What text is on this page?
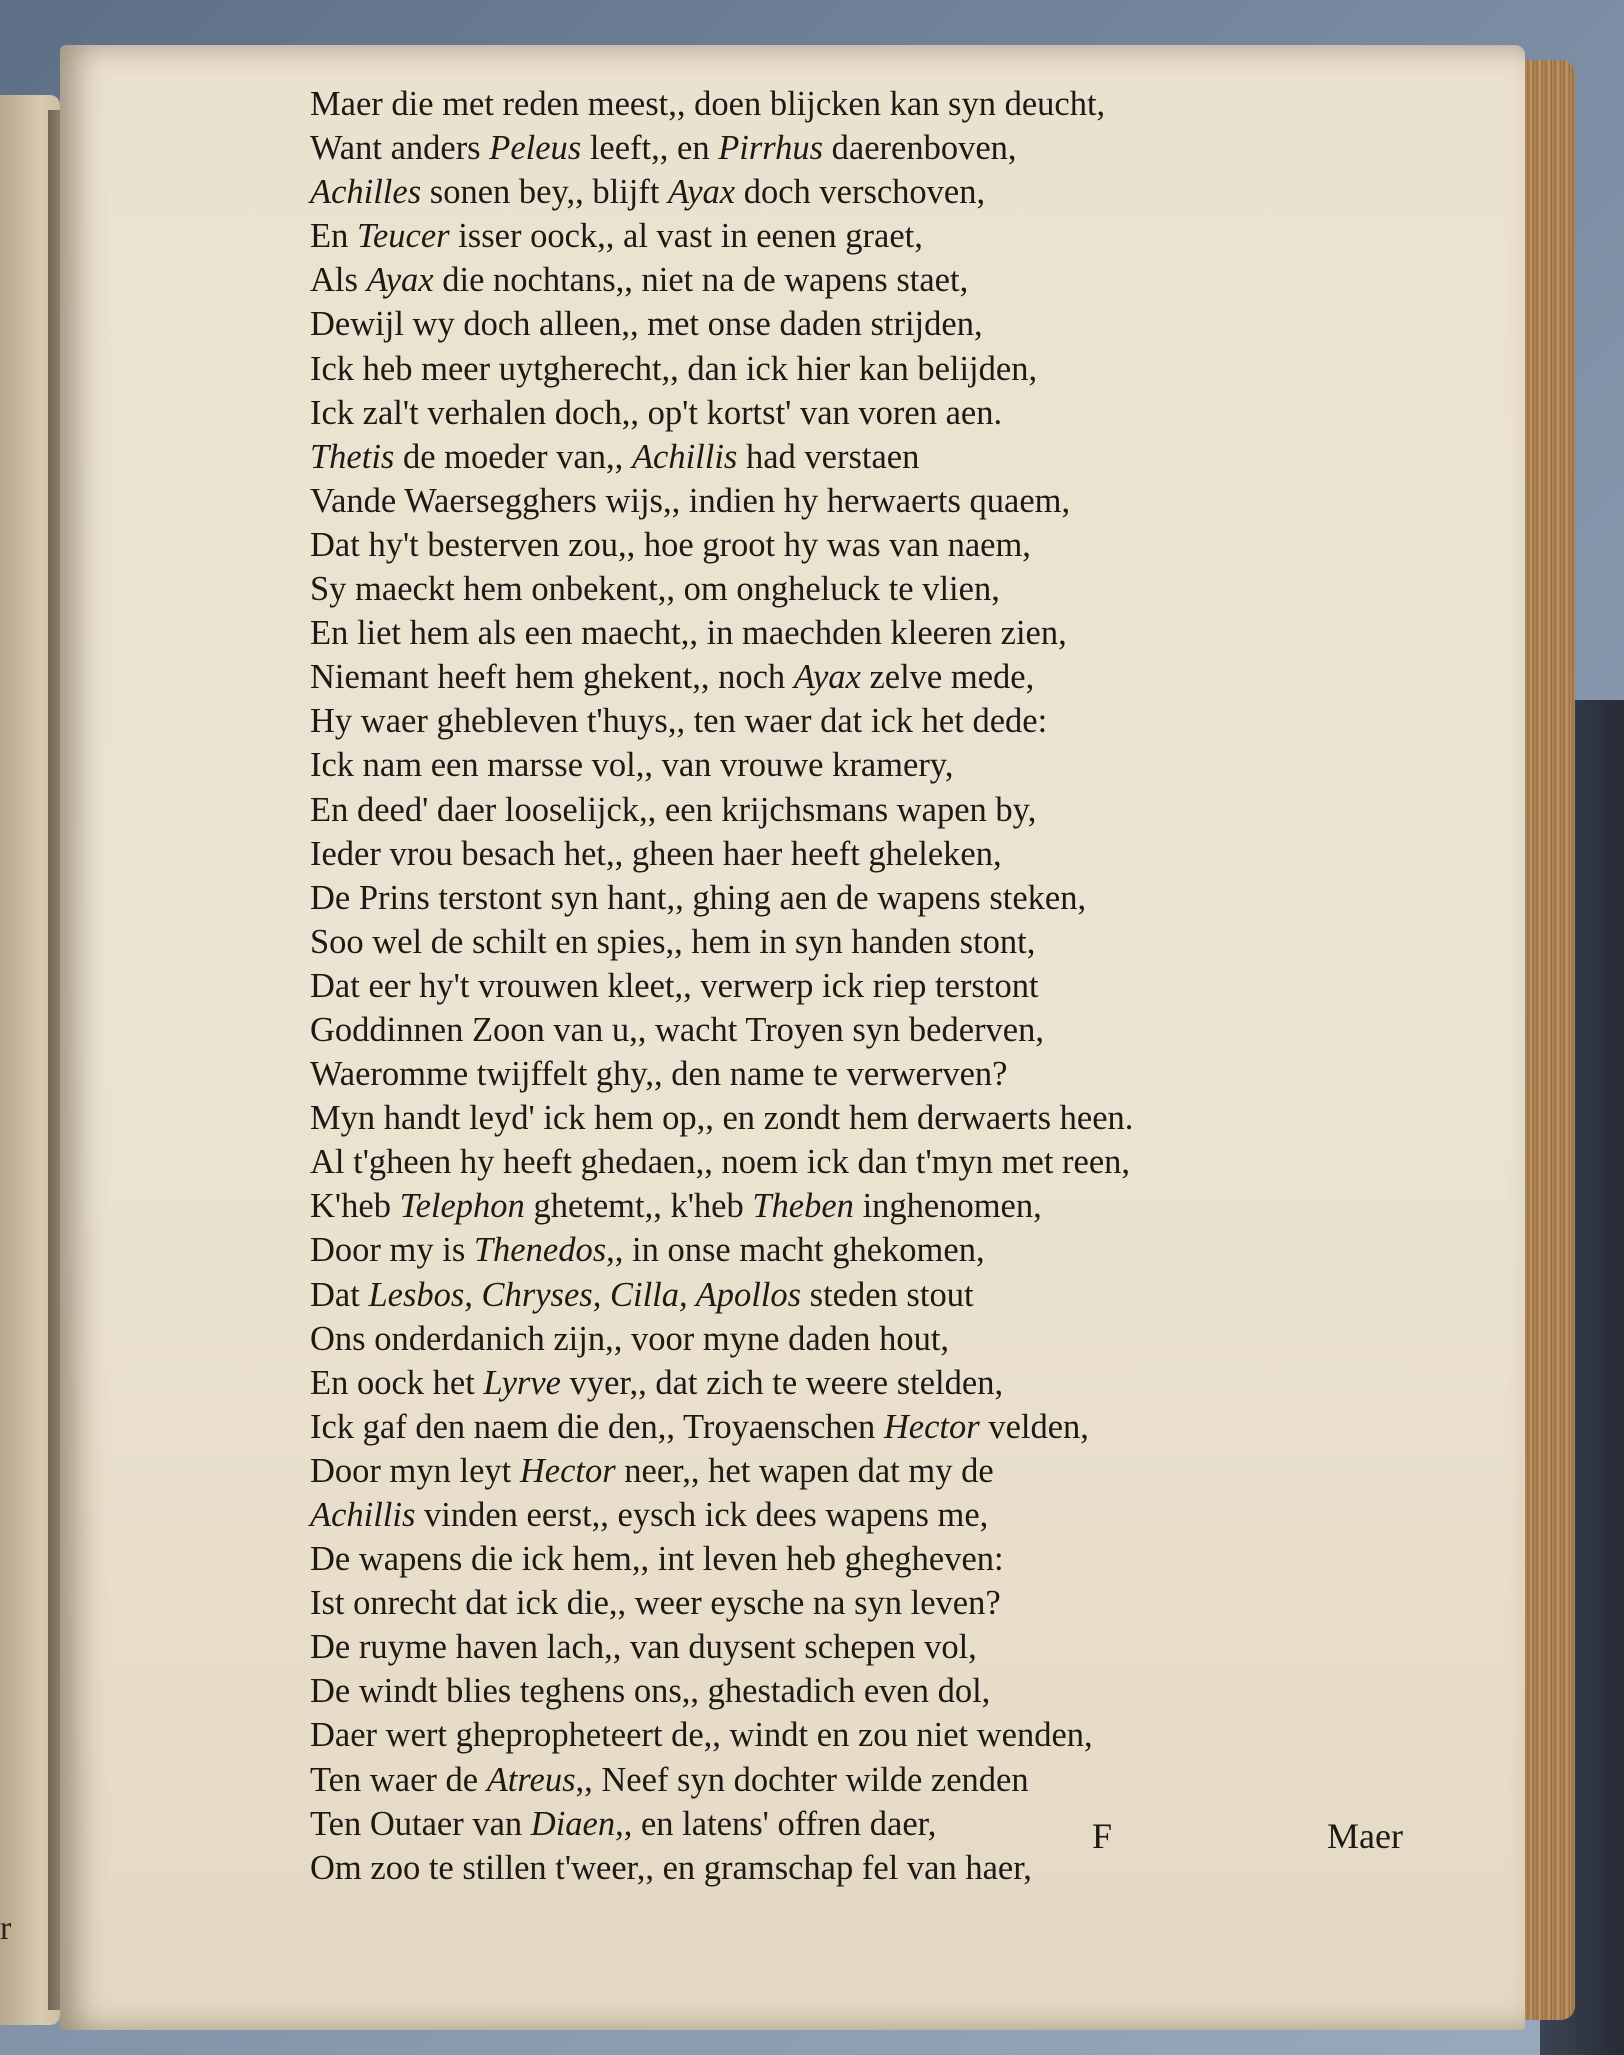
r
Maer die met reden meest,, doen blijcken kan syn deucht,
Want anders Peleus leeft,, en Pirrhus daerenboven,
Achilles sonen bey,, blijft Ayax doch verschoven,
En Teucer isser oock,, al vast in eenen graet,
Als Ayax die nochtans,, niet na de wapens staet,
Dewijl wy doch alleen,, met onse daden strijden,
Ick heb meer uytgherecht,, dan ick hier kan belijden,
Ick zal't verhalen doch,, op't kortst' van voren aen.
Thetis de moeder van,, Achillis had verstaen
Vande Waersegghers wijs,, indien hy herwaerts quaem,
Dat hy't besterven zou,, hoe groot hy was van naem,
Sy maeckt hem onbekent,, om ongheluck te vlien,
En liet hem als een maecht,, in maechden kleeren zien,
Niemant heeft hem ghekent,, noch Ayax zelve mede,
Hy waer ghebleven t'huys,, ten waer dat ick het dede:
Ick nam een marsse vol,, van vrouwe kramery,
En deed' daer looselijck,, een krijchsmans wapen by,
Ieder vrou besach het,, gheen haer heeft gheleken,
De Prins terstont syn hant,, ghing aen de wapens steken,
Soo wel de schilt en spies,, hem in syn handen stont,
Dat eer hy't vrouwen kleet,, verwerp ick riep terstont
Goddinnen Zoon van u,, wacht Troyen syn bederven,
Waeromme twijffelt ghy,, den name te verwerven?
Myn handt leyd' ick hem op,, en zondt hem derwaerts heen.
Al t'gheen hy heeft ghedaen,, noem ick dan t'myn met reen,
K'heb Telephon ghetemt,, k'heb Theben inghenomen,
Door my is Thenedos,, in onse macht ghekomen,
Dat Lesbos, Chryses, Cilla, Apollos steden stout
Ons onderdanich zijn,, voor myne daden hout,
En oock het Lyrve vyer,, dat zich te weere stelden,
Ick gaf den naem die den,, Troyaenschen Hector velden,
Door myn leyt Hector neer,, het wapen dat my de
Achillis vinden eerst,, eysch ick dees wapens me,
De wapens die ick hem,, int leven heb ghegheven:
Ist onrecht dat ick die,, weer eysche na syn leven?
De ruyme haven lach,, van duysent schepen vol,
De windt blies teghens ons,, ghestadich even dol,
Daer wert ghepropheteert de,, windt en zou niet wenden,
Ten waer de Atreus,, Neef syn dochter wilde zenden
Ten Outaer van Diaen,, en latens' offren daer,
Om zoo te stillen t'weer,, en gramschap fel van haer,
F	Maer
